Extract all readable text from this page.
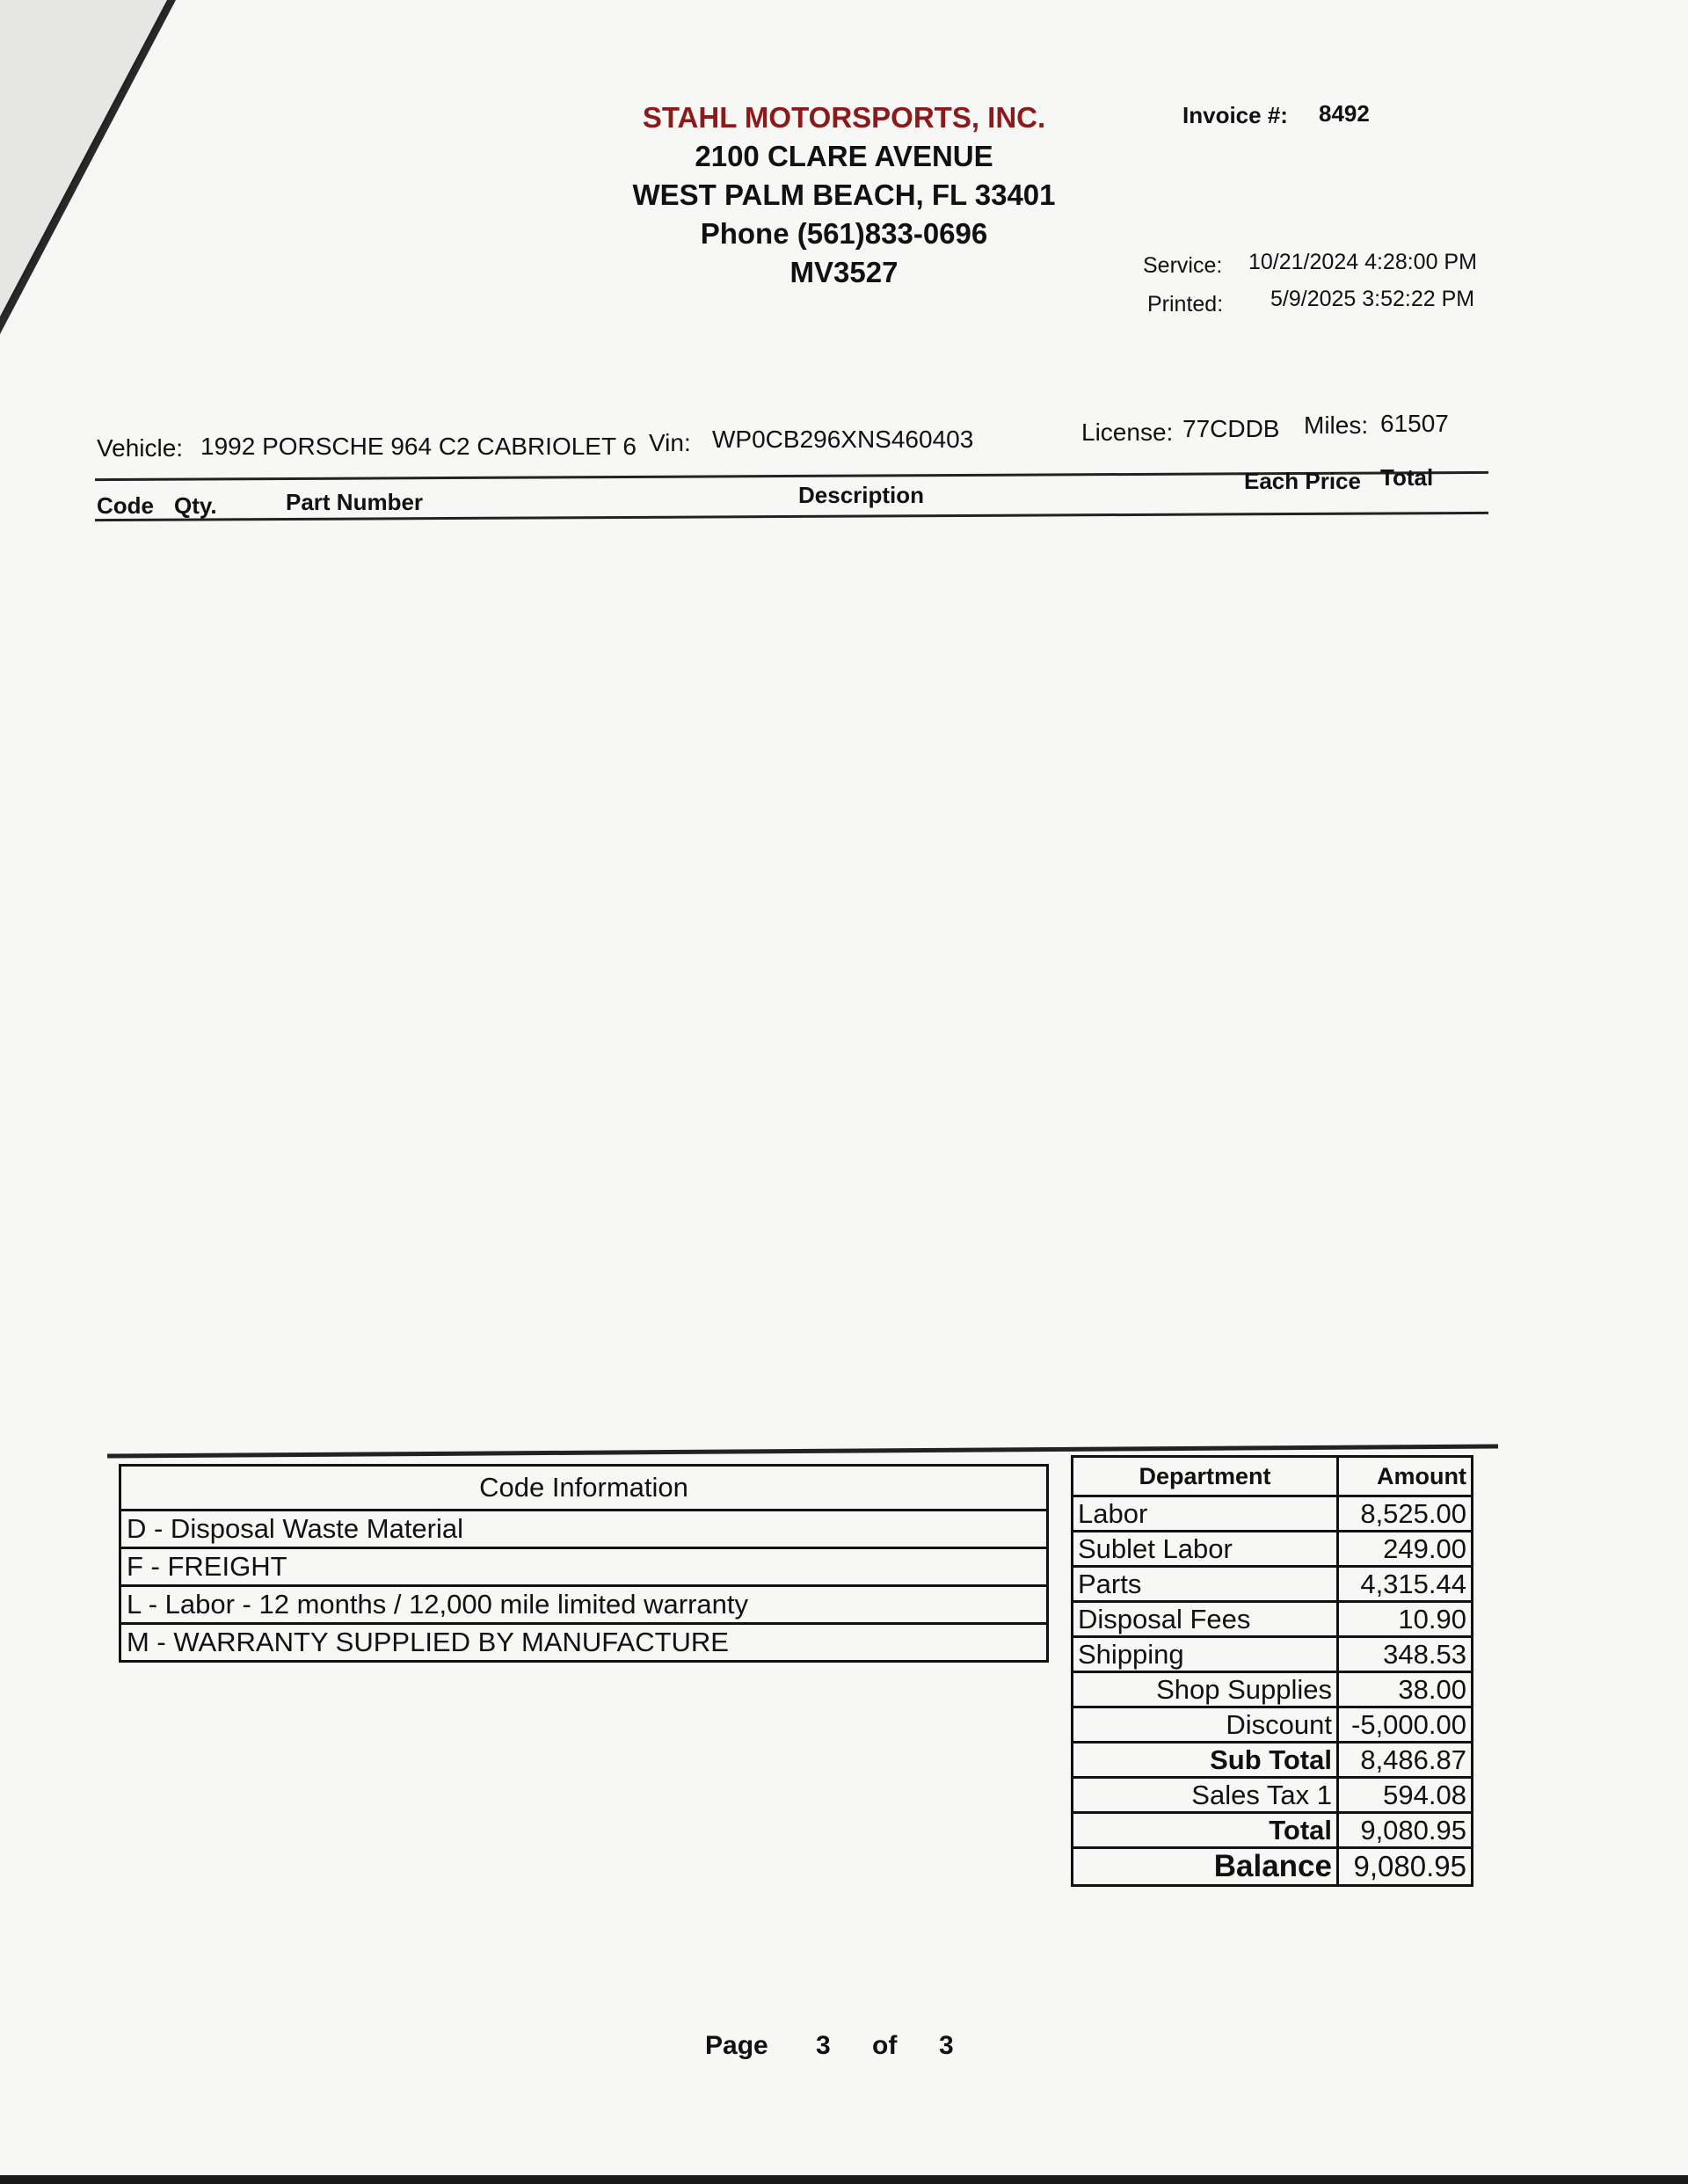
STAHL MOTORSPORTS, INC.
2100 CLARE AVENUE
WEST PALM BEACH, FL 33401
Phone (561)833-0696
MV3527
Invoice #: 8492
Service: 10/21/2024 4:28:00 PM
Printed: 5/9/2025 3:52:22 PM
Vehicle: 1992 PORSCHE 964 C2 CABRIOLET 6 Vin: WP0CB296XNS460403	License: 77CDDB Miles: 61507
Code Qty.	Part Number	Description
Each Price Total
Code Information
D - Disposal Waste Material
F - FREIGHT
L - Labor - 12 months / 12,000 mile limited warranty
M - WARRANTY SUPPLIED BY MANUFACTURE
Department	Amount
Labor	8,525.00
Sublet Labor	249.00
Parts	4,315.44
Disposal Fees	10.90
Shipping	348.53
Shop Supplies	38.00
Discount	-5,000.00
Sub Total	8,486.87
Sales Tax 1	594.08
Total	9,080.95
Balance	9,080.95
Page 3 of 3
